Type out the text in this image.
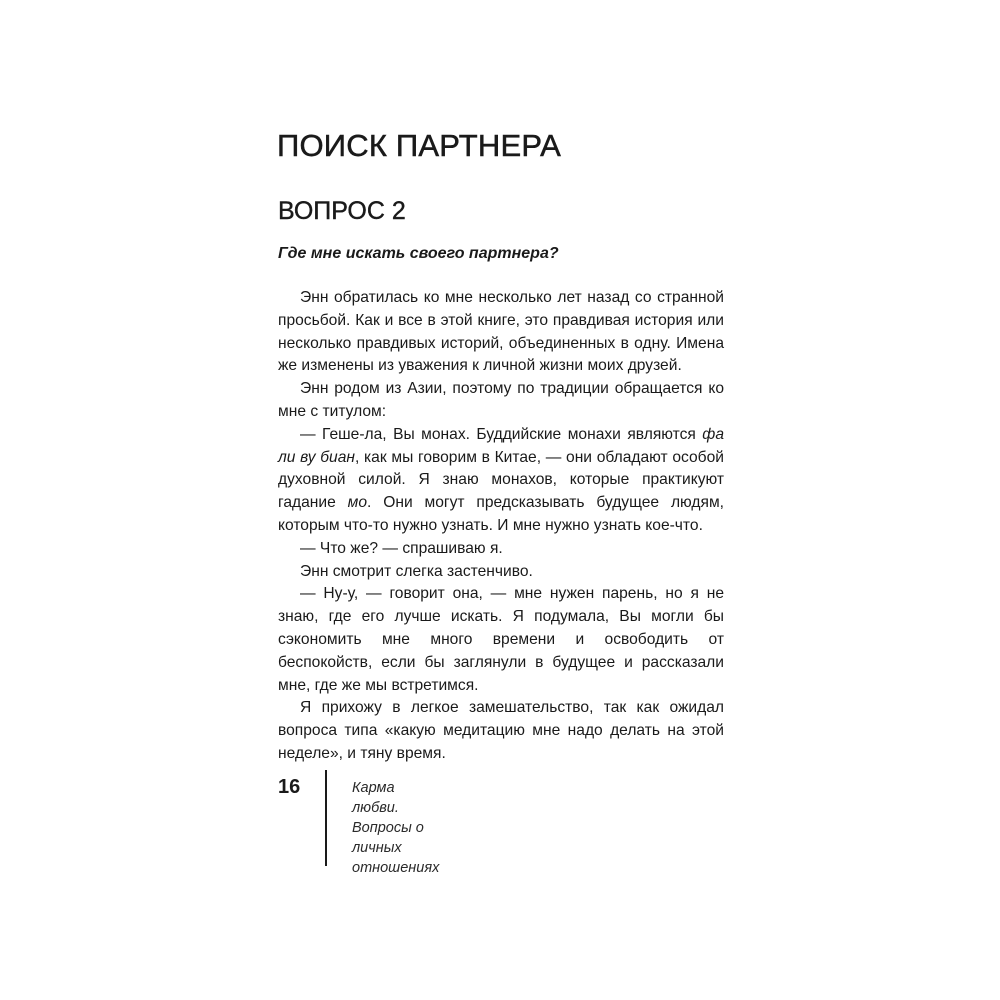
ПОИСК ПАРТНЕРА
ВОПРОС 2

Где мне искать своего партнера?

Энн обратилась ко мне несколько лет назад со странной просьбой. Как и все в этой книге, это правдивая история или несколько правдивых историй, объединенных в одну. Имена же изменены из уважения к личной жизни моих друзей.

Энн родом из Азии, поэтому по традиции обращается ко мне с титулом:

— Геше-ла, Вы монах. Буддийские монахи являются фа ли ву биан, как мы говорим в Китае, — они обладают особой духовной силой. Я знаю монахов, которые практикуют гадание мо. Они могут предсказывать будущее людям, которым что-то нужно узнать. И мне нужно узнать кое-что.

— Что же? — спрашиваю я.

Энн смотрит слегка застенчиво.

— Ну-у, — говорит она, — мне нужен парень, но я не знаю, где его лучше искать. Я подумала, Вы могли бы сэкономить мне много времени и освободить от беспокойств, если бы заглянули в будущее и рассказали мне, где же мы встретимся.

Я прихожу в легкое замешательство, так как ожидал вопроса типа «какую медитацию мне надо делать на этой неделе», и тяну время.

16	Карма любви. Вопросы о личных отношениях
